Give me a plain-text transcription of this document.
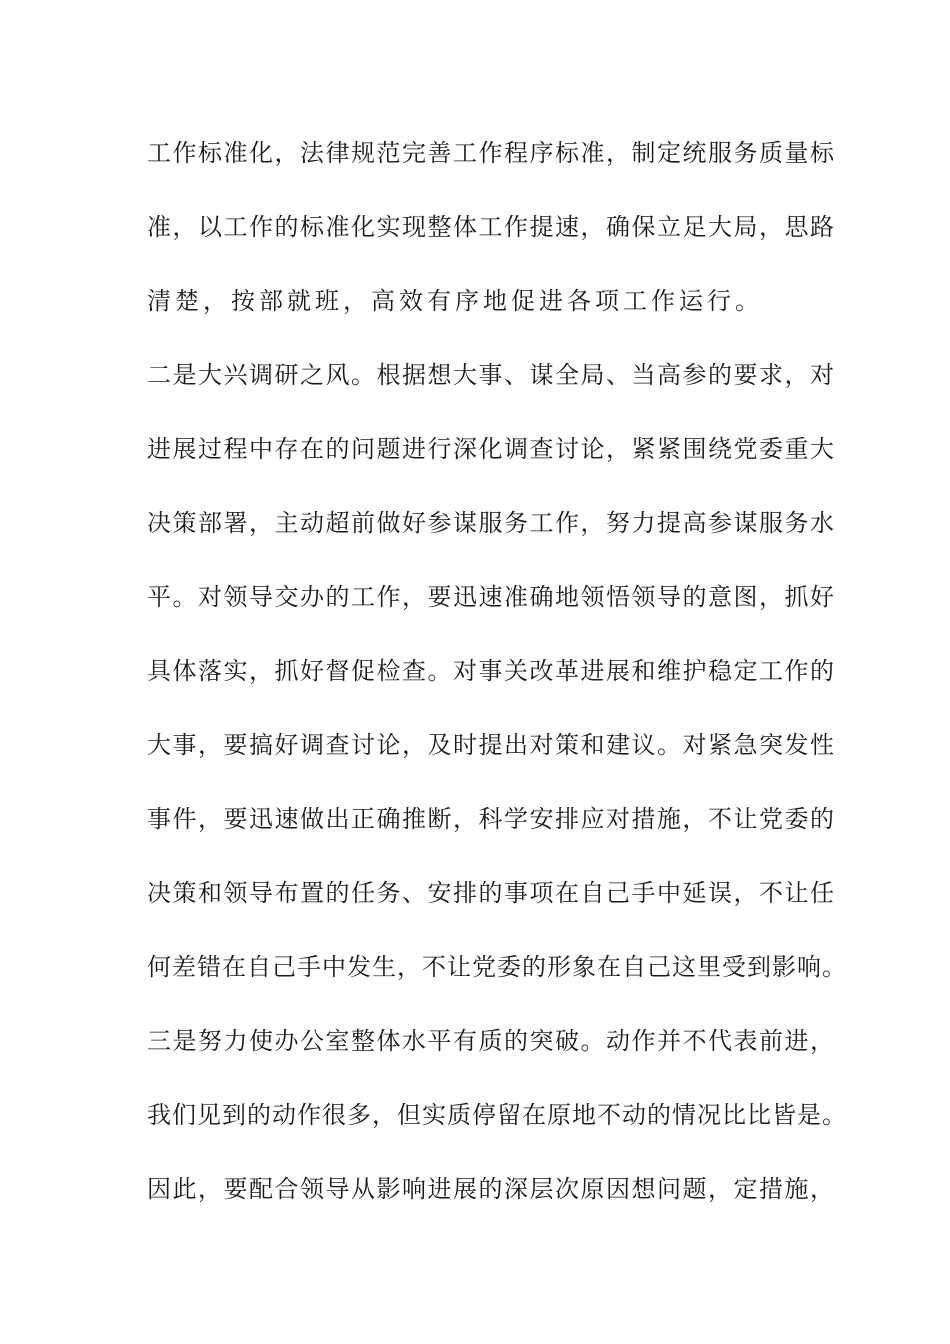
工作标准化，法律规范完善工作程序标准，制定统服务质量标
准，以工作的标准化实现整体工作提速，确保立足大局，思路
清楚，按部就班，高效有序地促进各项工作运行。
二是大兴调研之风。根据想大事、谋全局、当高参的要求，对
进展过程中存在的问题进行深化调查讨论，紧紧围绕党委重大
决策部署，主动超前做好参谋服务工作，努力提高参谋服务水
平。对领导交办的工作，要迅速准确地领悟领导的意图，抓好
具体落实，抓好督促检查。对事关改革进展和维护稳定工作的
大事，要搞好调查讨论，及时提出对策和建议。对紧急突发性
事件，要迅速做出正确推断，科学安排应对措施，不让党委的
决策和领导布置的任务、安排的事项在自己手中延误，不让任
何差错在自己手中发生，不让党委的形象在自己这里受到影响。
三是努力使办公室整体水平有质的突破。动作并不代表前进，
我们见到的动作很多，但实质停留在原地不动的情况比比皆是。
因此，要配合领导从影响进展的深层次原因想问题，定措施，
